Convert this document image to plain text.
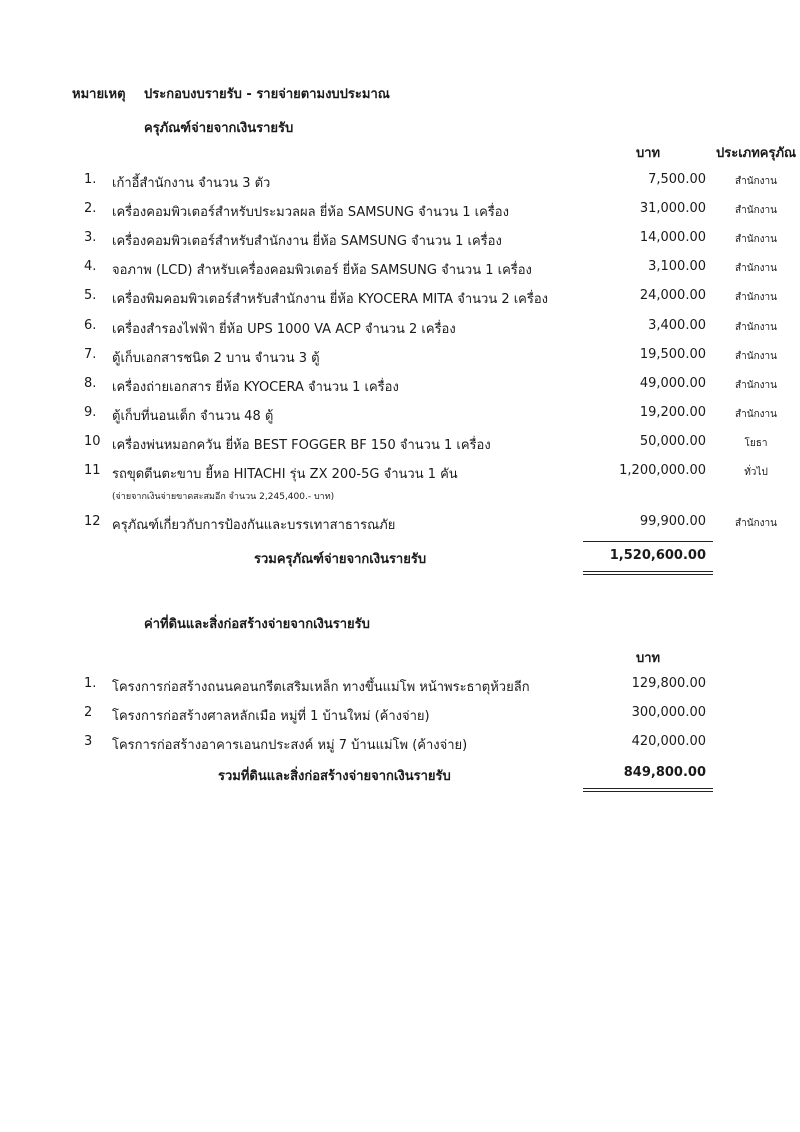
หมายเหตุ ประกอบงบรายรับ - รายจ่ายตามงบประมาณ
ครุภัณฑ์จ่ายจากเงินรายรับ
บาท	ประเภทครุภัณ
1. เก้าอี้สำนักงาน จำนวน 3 ตัว	7,500.00	สำนักงาน
2. เครื่องคอมพิวเตอร์สำหรับประมวลผล ยี่ห้อ SAMSUNG จำนวน 1 เครื่อง	31,000.00	สำนักงาน
3. เครื่องคอมพิวเตอร์สำหรับสำนักงาน ยี่ห้อ SAMSUNG จำนวน 1 เครื่อง	14,000.00	สำนักงาน
4. จอภาพ (LCD) สำหรับเครื่องคอมพิวเตอร์ ยี่ห้อ SAMSUNG จำนวน 1 เครื่อง	3,100.00	สำนักงาน
5. เครื่องพิมคอมพิวเตอร์สำหรับสำนักงาน ยี่ห้อ KYOCERA MITA จำนวน 2 เครื่อง	24,000.00	สำนักงาน
6. เครื่องสำรองไฟฟ้า ยี่ห้อ UPS 1000 VA ACP จำนวน 2 เครื่อง	3,400.00	สำนักงาน
7. ตู้เก็บเอกสารชนิด 2 บาน จำนวน 3 ตู้	19,500.00	สำนักงาน
8. เครื่องถ่ายเอกสาร ยี่ห้อ KYOCERA จำนวน 1 เครื่อง	49,000.00	สำนักงาน
9. ตู้เก็บที่นอนเด็ก จำนวน 48 ตู้	19,200.00	สำนักงาน
10 เครื่องพ่นหมอกควัน ยี่ห้อ BEST FOGGER BF 150 จำนวน 1 เครื่อง	50,000.00	โยธา
11 รถขุดตีนตะขาบ ยี้หอ HITACHI รุ่น ZX 200-5G จำนวน 1 คัน	1,200,000.00	ทั่วไป
(จ่ายจากเงินจ่ายขาดสะสมอีก จำนวน 2,245,400.- บาท)
12 ครุภัณฑ์เกี่ยวกับการป้องกันและบรรเทาสาธารณภัย	99,900.00	สำนักงาน
รวมครุภัณฑ์จ่ายจากเงินรายรับ	1,520,600.00
ค่าที่ดินและสิ่งก่อสร้างจ่ายจากเงินรายรับ
บาท
1. โครงการก่อสร้างถนนคอนกรีตเสริมเหล็ก ทางขึ้นแม่โพ หน้าพระธาตุห้วยลีก	129,800.00
2 โครงการก่อสร้างศาลหลักเมือ หมู่ที่ 1 บ้านใหม่ (ค้างจ่าย)	300,000.00
3 โครการก่อสร้างอาคารเอนกประสงค์ หมู่ 7 บ้านแม่โพ (ค้างจ่าย)	420,000.00
รวมที่ดินและสิ่งก่อสร้างจ่ายจากเงินรายรับ	849,800.00
